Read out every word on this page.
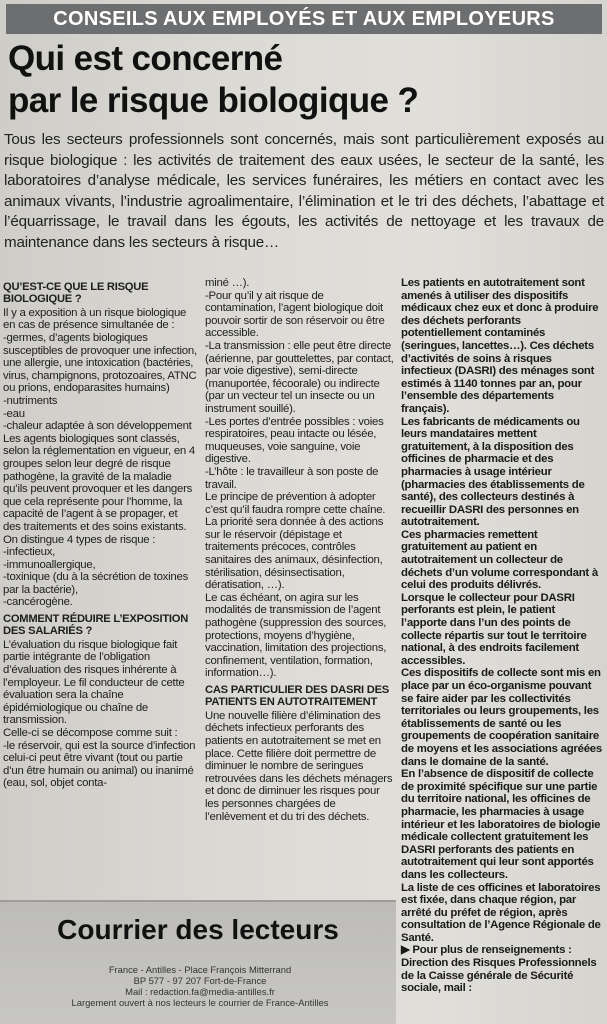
CONSEILS AUX EMPLOYÉS ET AUX EMPLOYEURS
Qui est concerné
par le risque biologique ?
Tous les secteurs professionnels sont concernés, mais sont particulièrement exposés au risque biologique : les activités de traitement des eaux usées, le secteur de la santé, les laboratoires d’analyse médicale, les services funéraires, les métiers en contact avec les animaux vivants, l’industrie agroalimentaire, l’élimination et le tri des déchets, l’abattage et l’équarrissage, le travail dans les égouts, les activités de nettoyage et les travaux de maintenance dans les secteurs à risque…

QU’EST-CE QUE LE RISQUE BIOLOGIQUE ?

Il y a exposition à un risque biologique en cas de présence simultanée de :

-germes, d’agents biologiques susceptibles de provoquer une infection, une allergie, une intoxication (bactéries, virus, champignons, protozoaires, ATNC ou prions, endoparasites humains)

-nutriments

-eau

-chaleur adaptée à son développement

Les agents biologiques sont classés, selon la réglementation en vigueur, en 4 groupes selon leur degré de risque pathogène, la gravité de la maladie qu’ils peuvent provoquer et les dangers que cela représente pour l’homme, la capacité de l’agent à se propager, et des traitements et des soins existants.

On distingue 4 types de risque :

-infectieux,

-immunoallergique,

-toxinique (du à la sécrétion de toxines par la bactérie),

-cancérogène.

COMMENT RÉDUIRE L’EXPOSITION DES SALARIÉS ?

L’évaluation du risque biologique fait partie intégrante de l’obligation d’évaluation des risques inhérente à l’employeur. Le fil conducteur de cette évaluation sera la chaîne épidémiologique ou chaîne de transmission.

Celle-ci se décompose comme suit :

-le réservoir, qui est la source d’infection celui-ci peut être vivant (tout ou partie d’un être humain ou animal) ou inanimé (eau, sol, objet conta-

miné …).

-Pour qu’il y ait risque de contamination, l’agent biologique doit pouvoir sortir de son réservoir ou être accessible.

-La transmission : elle peut être directe (aérienne, par gouttelettes, par contact, par voie digestive), semi-directe (manuportée, fécoorale) ou indirecte (par un vecteur tel un insecte ou un instrument souillé).

-Les portes d’entrée possibles : voies respiratoires, peau intacte ou lésée, muqueuses, voie sanguine, voie digestive.

-L’hôte : le travailleur à son poste de travail.

Le principe de prévention à adopter c’est qu’il faudra rompre cette chaîne. La priorité sera donnée à des actions sur le réservoir (dépistage et traitements précoces, contrôles sanitaires des animaux, désinfection, stérilisation, désinsectisation, dératisation, …).

Le cas échéant, on agira sur les modalités de transmission de l’agent pathogène (suppression des sources, protections, moyens d’hygiène, vaccination, limitation des projections, confinement, ventilation, formation, information…).

CAS PARTICULIER DES DASRI DES PATIENTS EN AUTOTRAITEMENT

Une nouvelle filière d’élimination des déchets infectieux perforants des patients en autotraitement se met en place. Cette filière doit permettre de diminuer le nombre de seringues retrouvées dans les déchets ménagers et donc de diminuer les risques pour les personnes chargées de l’enlèvement et du tri des déchets.

Les patients en autotraitement sont amenés à utiliser des dispositifs médicaux chez eux et donc à produire des déchets perforants potentiellement contaminés (seringues, lancettes…). Ces déchets d’activités de soins à risques infectieux (DASRI) des ménages sont estimés à 1140 tonnes par an, pour l’ensemble des départements français).

Les fabricants de médicaments ou leurs mandataires mettent gratuitement, à la disposition des officines de pharmacie et des pharmacies à usage intérieur (pharmacies des établissements de santé), des collecteurs destinés à recueillir DASRI des personnes en autotraitement.

Ces pharmacies remettent gratuitement au patient en autotraitement un collecteur de déchets d’un volume correspondant à celui des produits délivrés.

Lorsque le collecteur pour DASRI perforants est plein, le patient l’apporte dans l’un des points de collecte répartis sur tout le territoire national, à des endroits facilement accessibles.

Ces dispositifs de collecte sont mis en place par un éco-organisme pouvant se faire aider par les collectivités territoriales ou leurs groupements, les établissements de santé ou les groupements de coopération sanitaire de moyens et les associations agréées dans le domaine de la santé.

En l’absence de dispositif de collecte de proximité spécifique sur une partie du territoire national, les officines de pharmacie, les pharmacies à usage intérieur et les laboratoires de biologie médicale collectent gratuitement les DASRI perforants des patients en autotraitement qui leur sont apportés dans les collecteurs.

La liste de ces officines et laboratoires est fixée, dans chaque région, par arrêté du préfet de région, après consultation de l’Agence Régionale de Santé.

▶ Pour plus de renseignements : Direction des Risques Professionnels de la Caisse générale de Sécurité sociale, mail :

Courrier des lecteurs
France - Antilles - Place François Mitterrand
BP 577 - 97 207 Fort-de-France
Mail : redaction.fa@media-antilles.fr
Largement ouvert à nos lecteurs le courrier de France-Antilles
